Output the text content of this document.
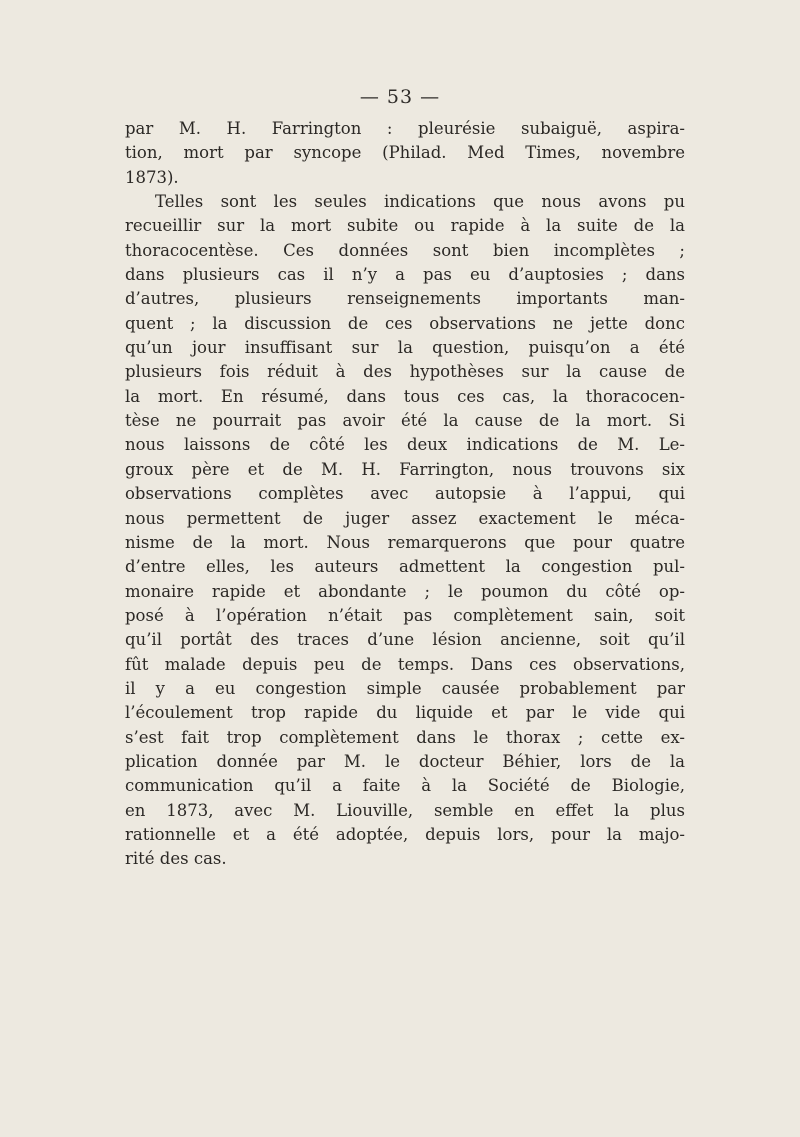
— 53 —

par M. H. Farrington : pleurésie subaiguë, aspira-
tion, mort par syncope (Philad. Med Times, novembre
1873).
Telles sont les seules indications que nous avons pu
recueillir sur la mort subite ou rapide à la suite de la
thoracocentèse. Ces données sont bien incomplètes ;
dans plusieurs cas il n’y a pas eu d’auptosies ; dans
d’autres, plusieurs renseignements importants man-
quent ; la discussion de ces observations ne jette donc
qu’un jour insuffisant sur la question, puisqu’on a été
plusieurs fois réduit à des hypothèses sur la cause de
la mort. En résumé, dans tous ces cas, la thoracocen-
tèse ne pourrait pas avoir été la cause de la mort. Si
nous laissons de côté les deux indications de M. Le-
groux père et de M. H. Farrington, nous trouvons six
observations complètes avec autopsie à l’appui, qui
nous permettent de juger assez exactement le méca-
nisme de la mort. Nous remarquerons que pour quatre
d’entre elles, les auteurs admettent la congestion pul-
monaire rapide et abondante ; le poumon du côté op-
posé à l’opération n’était pas complètement sain, soit
qu’il portât des traces d’une lésion ancienne, soit qu’il
fût malade depuis peu de temps. Dans ces observations,
il y a eu congestion simple causée probablement par
l’écoulement trop rapide du liquide et par le vide qui
s’est fait trop complètement dans le thorax ; cette ex-
plication donnée par M. le docteur Béhier, lors de la
communication qu’il a faite à la Société de Biologie,
en 1873, avec M. Liouville, semble en effet la plus
rationnelle et a été adoptée, depuis lors, pour la majo-
rité des cas.
